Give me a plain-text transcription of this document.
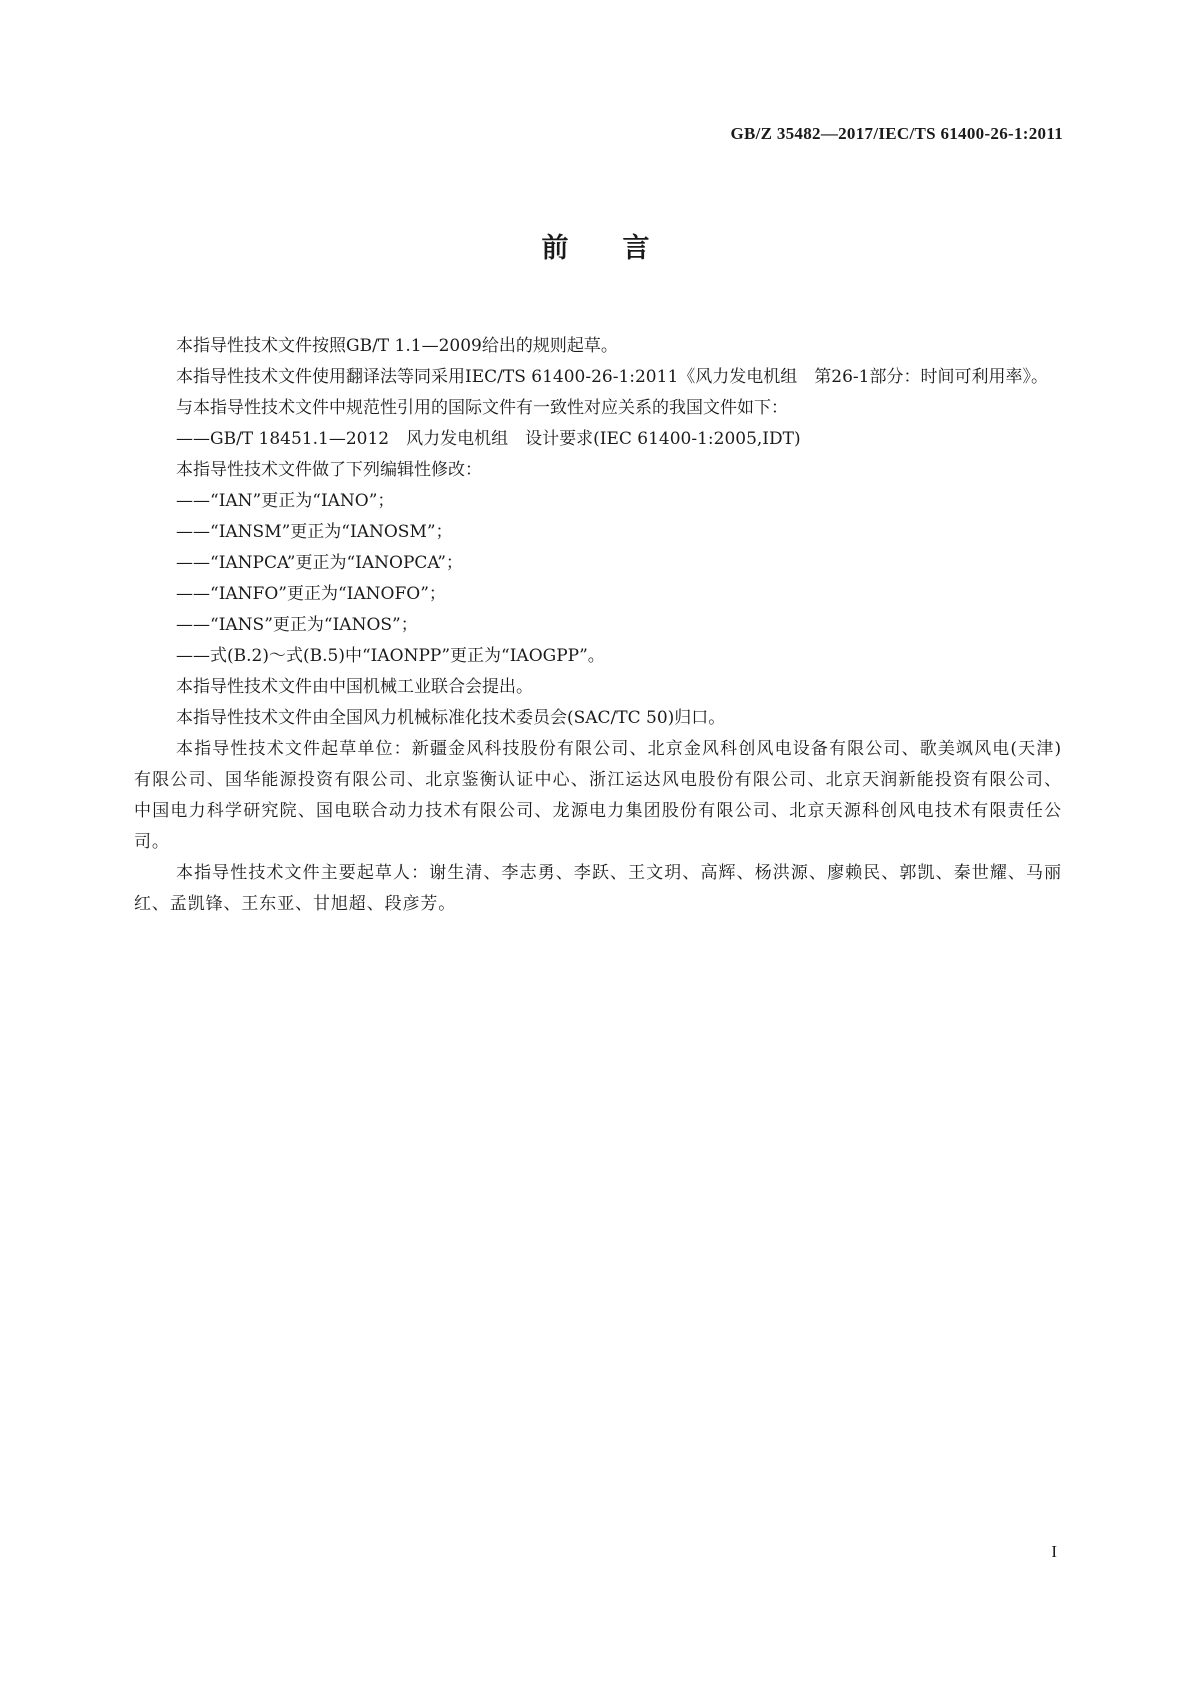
GB/Z 35482—2017/IEC/TS 61400-26-1:2011
前言

本指导性技术文件按照GB/T 1.1—2009给出的规则起草。

本指导性技术文件使用翻译法等同采用IEC/TS 61400-26-1:2011《风力发电机组　第26-1部分：时间可利用率》。

与本指导性技术文件中规范性引用的国际文件有一致性对应关系的我国文件如下：

——GB/T 18451.1—2012　风力发电机组　设计要求(IEC 61400-1:2005,IDT)

本指导性技术文件做了下列编辑性修改：

——“IAN”更正为“IANO”；

——“IANSM”更正为“IANOSM”；

——“IANPCA”更正为“IANOPCA”；

——“IANFO”更正为“IANOFO”；

——“IANS”更正为“IANOS”；

——式(B.2)～式(B.5)中“IAONPP”更正为“IAOGPP”。

本指导性技术文件由中国机械工业联合会提出。

本指导性技术文件由全国风力机械标准化技术委员会(SAC/TC 50)归口。

本指导性技术文件起草单位：新疆金风科技股份有限公司、北京金风科创风电设备有限公司、歌美飒风电(天津)有限公司、国华能源投资有限公司、北京鉴衡认证中心、浙江运达风电股份有限公司、北京天润新能投资有限公司、中国电力科学研究院、国电联合动力技术有限公司、龙源电力集团股份有限公司、北京天源科创风电技术有限责任公司。

本指导性技术文件主要起草人：谢生清、李志勇、李跃、王文玥、高辉、杨洪源、廖赖民、郭凯、秦世耀、马丽红、孟凯锋、王东亚、甘旭超、段彦芳。

I
